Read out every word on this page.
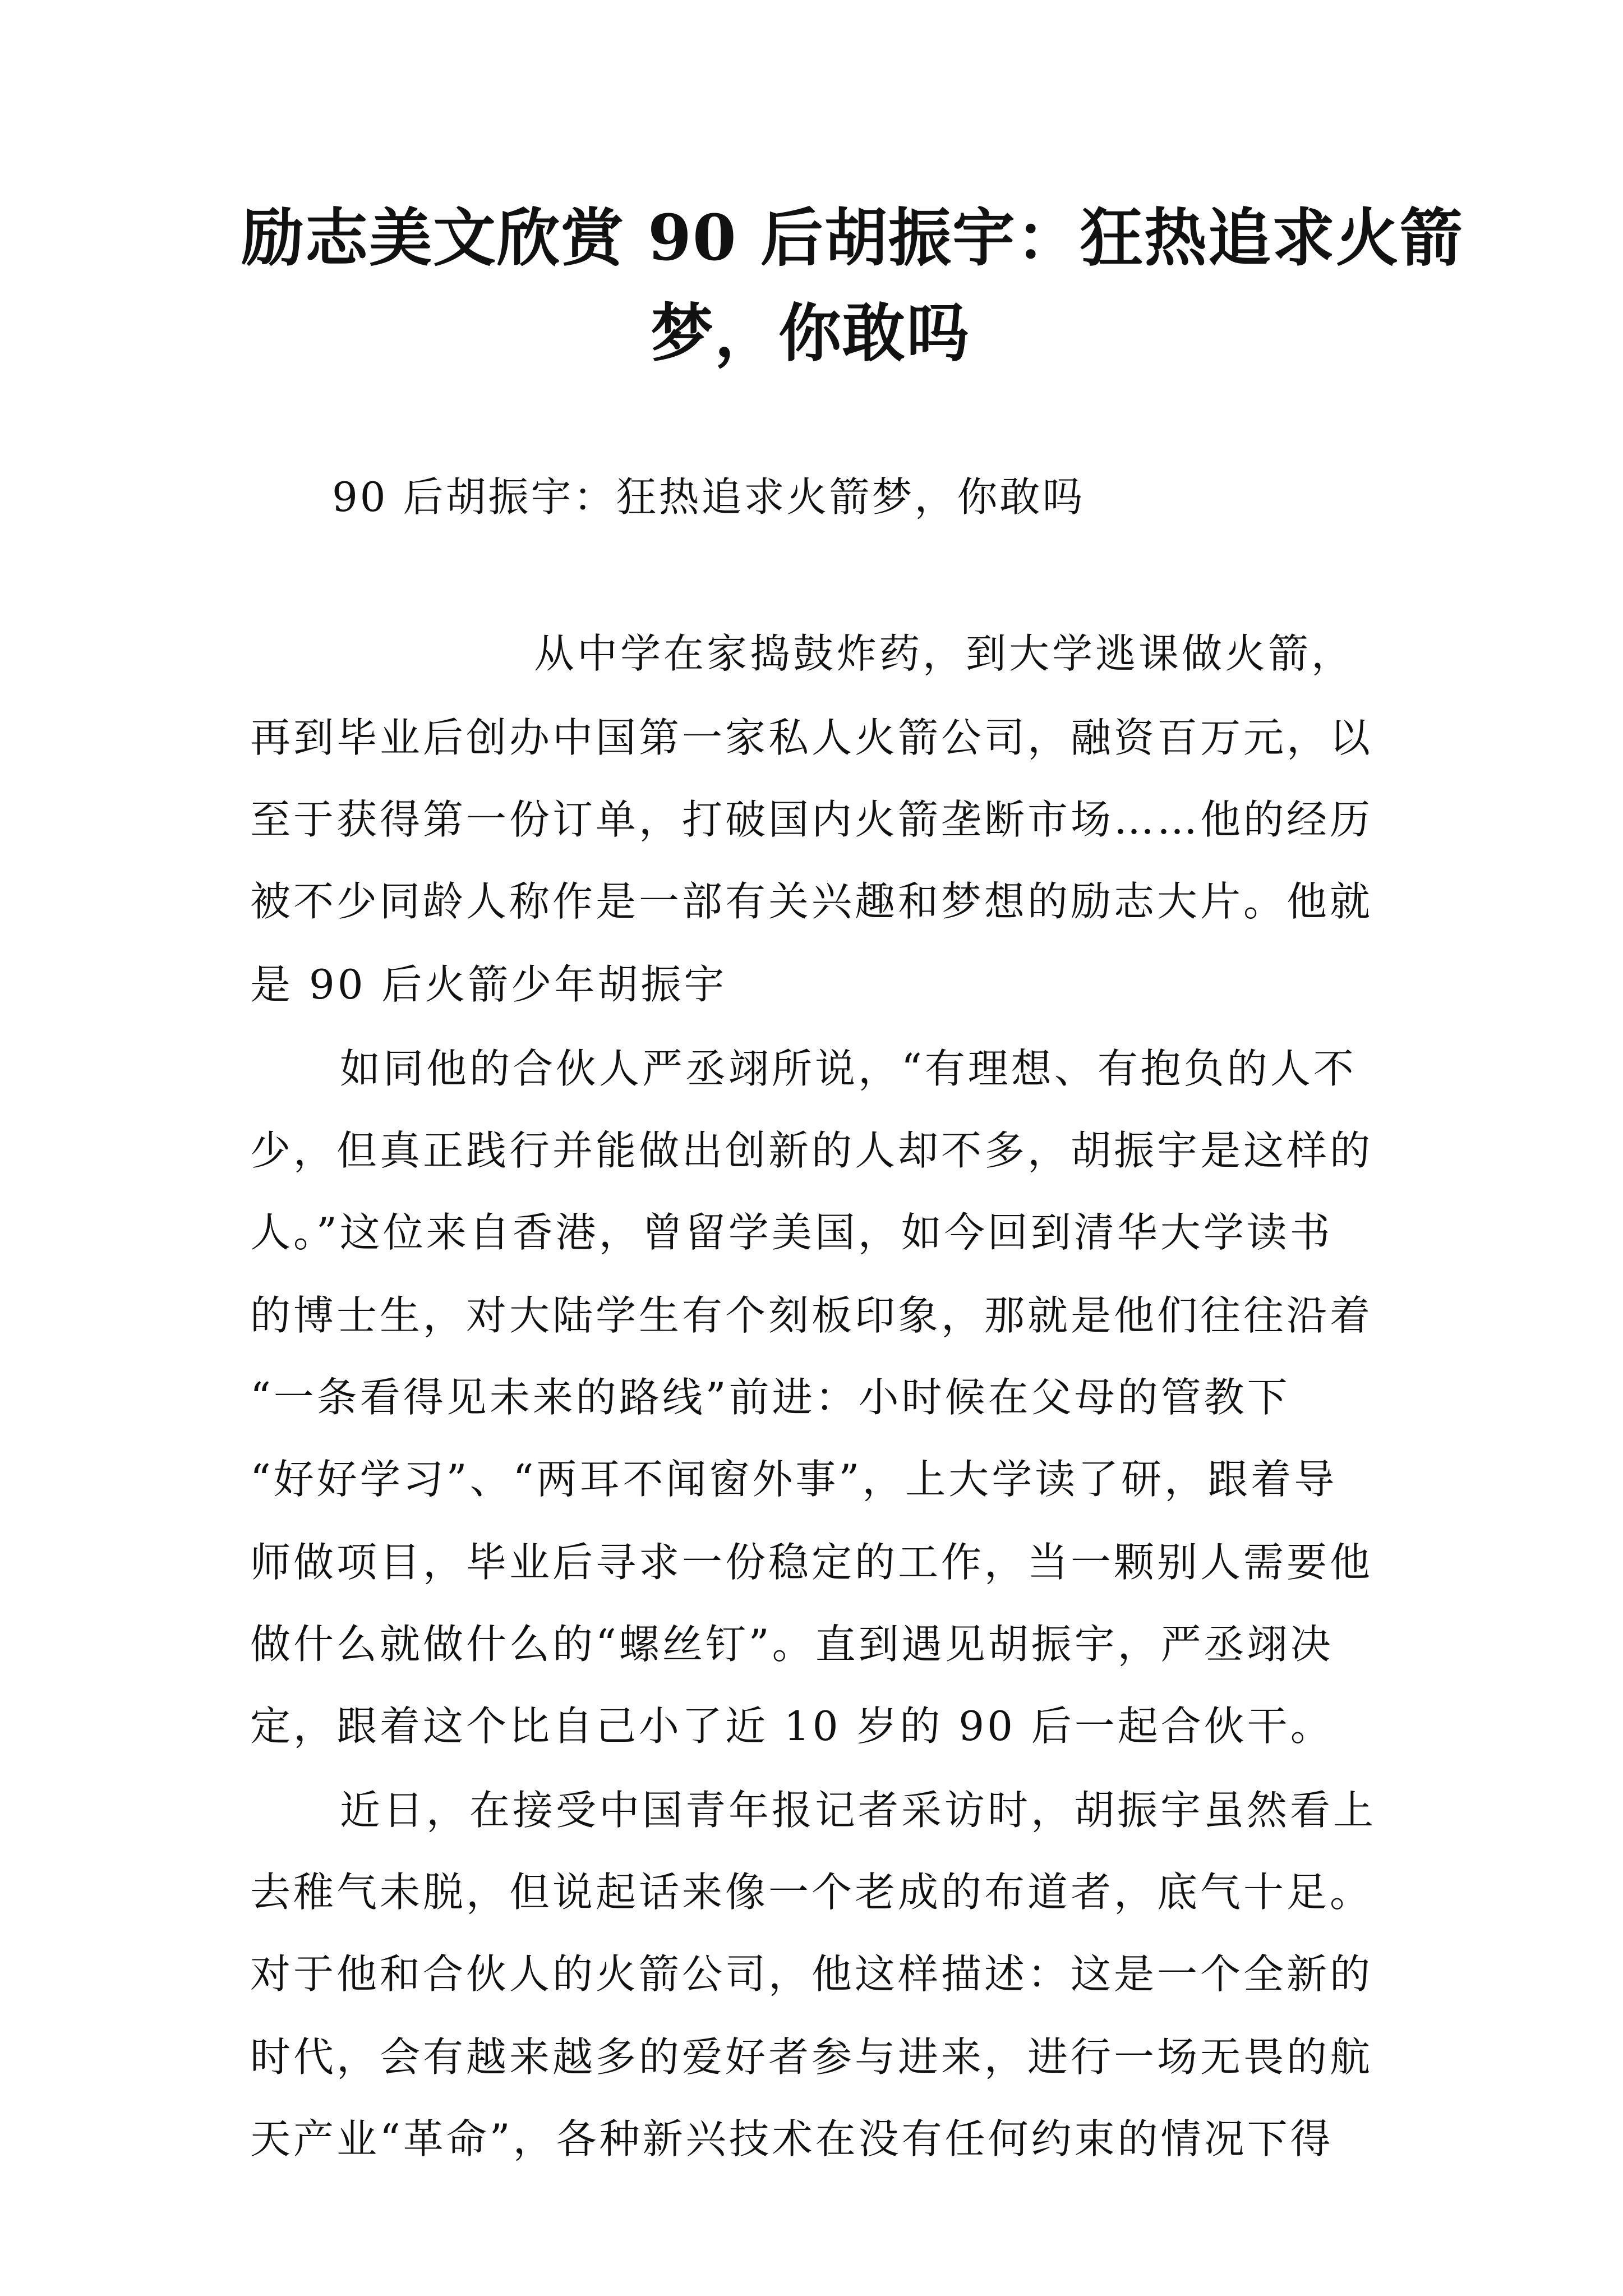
励志美文欣赏 90 后胡振宇：狂热追求火箭
梦，你敢吗
90 后胡振宇：狂热追求火箭梦，你敢吗
从中学在家捣鼓炸药，到大学逃课做火箭，
再到毕业后创办中国第一家私人火箭公司，融资百万元，以
至于获得第一份订单，打破国内火箭垄断市场……他的经历
被不少同龄人称作是一部有关兴趣和梦想的励志大片。他就
是 90 后火箭少年胡振宇
如同他的合伙人严丞翊所说，“有理想、有抱负的人不
少，但真正践行并能做出创新的人却不多，胡振宇是这样的
人。”这位来自香港，曾留学美国，如今回到清华大学读书
的博士生，对大陆学生有个刻板印象，那就是他们往往沿着
“一条看得见未来的路线”前进：小时候在父母的管教下
“好好学习”、“两耳不闻窗外事”，上大学读了研，跟着导
师做项目，毕业后寻求一份稳定的工作，当一颗别人需要他
做什么就做什么的“螺丝钉”。直到遇见胡振宇，严丞翊决
定，跟着这个比自己小了近 10 岁的 90 后一起合伙干。
近日，在接受中国青年报记者采访时，胡振宇虽然看上
去稚气未脱，但说起话来像一个老成的布道者，底气十足。
对于他和合伙人的火箭公司，他这样描述：这是一个全新的
时代，会有越来越多的爱好者参与进来，进行一场无畏的航
天产业“革命”，各种新兴技术在没有任何约束的情况下得
